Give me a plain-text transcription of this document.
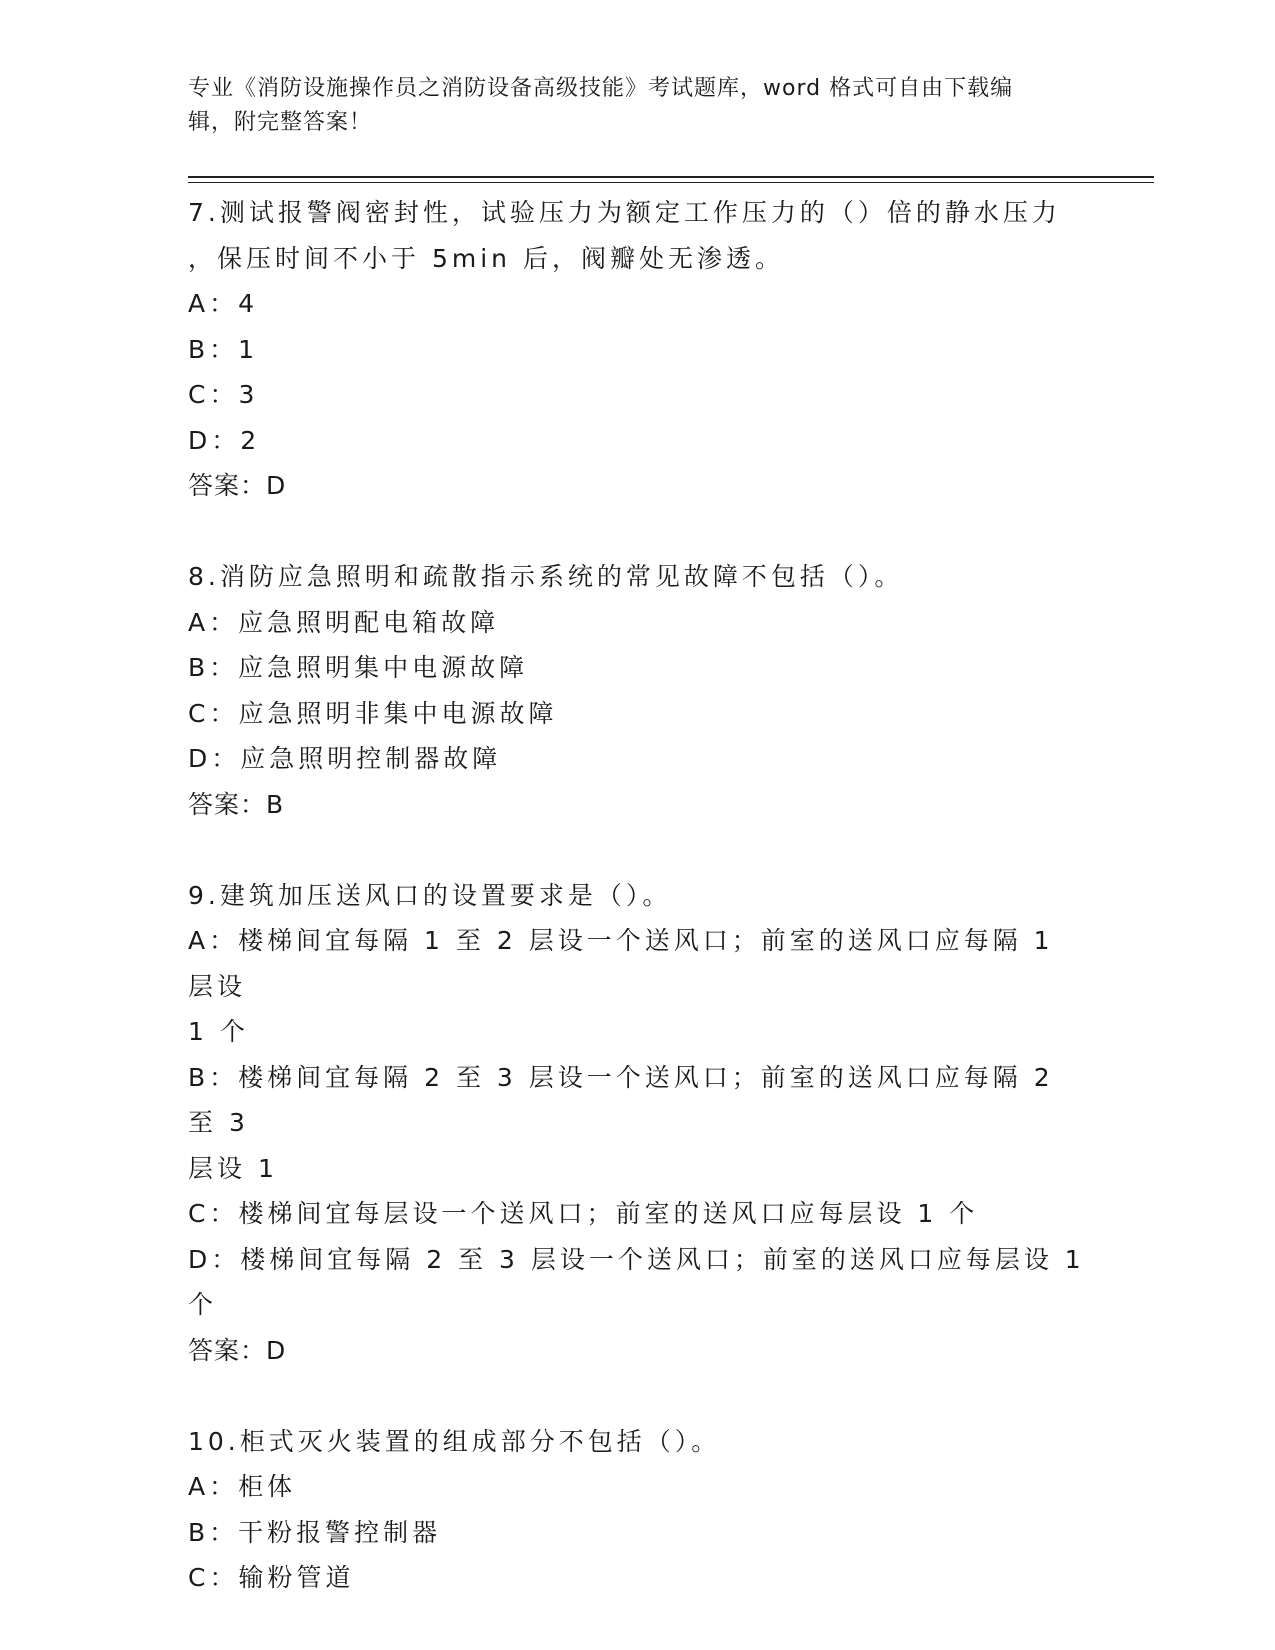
专业《消防设施操作员之消防设备高级技能》考试题库，word 格式可自由下载编
辑，附完整答案！
7.测试报警阀密封性，试验压力为额定工作压力的（）倍的静水压力
，保压时间不小于 5min 后，阀瓣处无渗透。
A：4
B：1
C：3
D：2
答案：D
8.消防应急照明和疏散指示系统的常见故障不包括（）。
A：应急照明配电箱故障
B：应急照明集中电源故障
C：应急照明非集中电源故障
D：应急照明控制器故障
答案：B
9.建筑加压送风口的设置要求是（）。
A：楼梯间宜每隔 1 至 2 层设一个送风口；前室的送风口应每隔 1 层设
1 个
B：楼梯间宜每隔 2 至 3 层设一个送风口；前室的送风口应每隔 2 至 3
层设 1
C：楼梯间宜每层设一个送风口；前室的送风口应每层设 1 个
D：楼梯间宜每隔 2 至 3 层设一个送风口；前室的送风口应每层设 1 个
答案：D
10.柜式灭火装置的组成部分不包括（）。
A：柜体
B：干粉报警控制器
C：输粉管道
